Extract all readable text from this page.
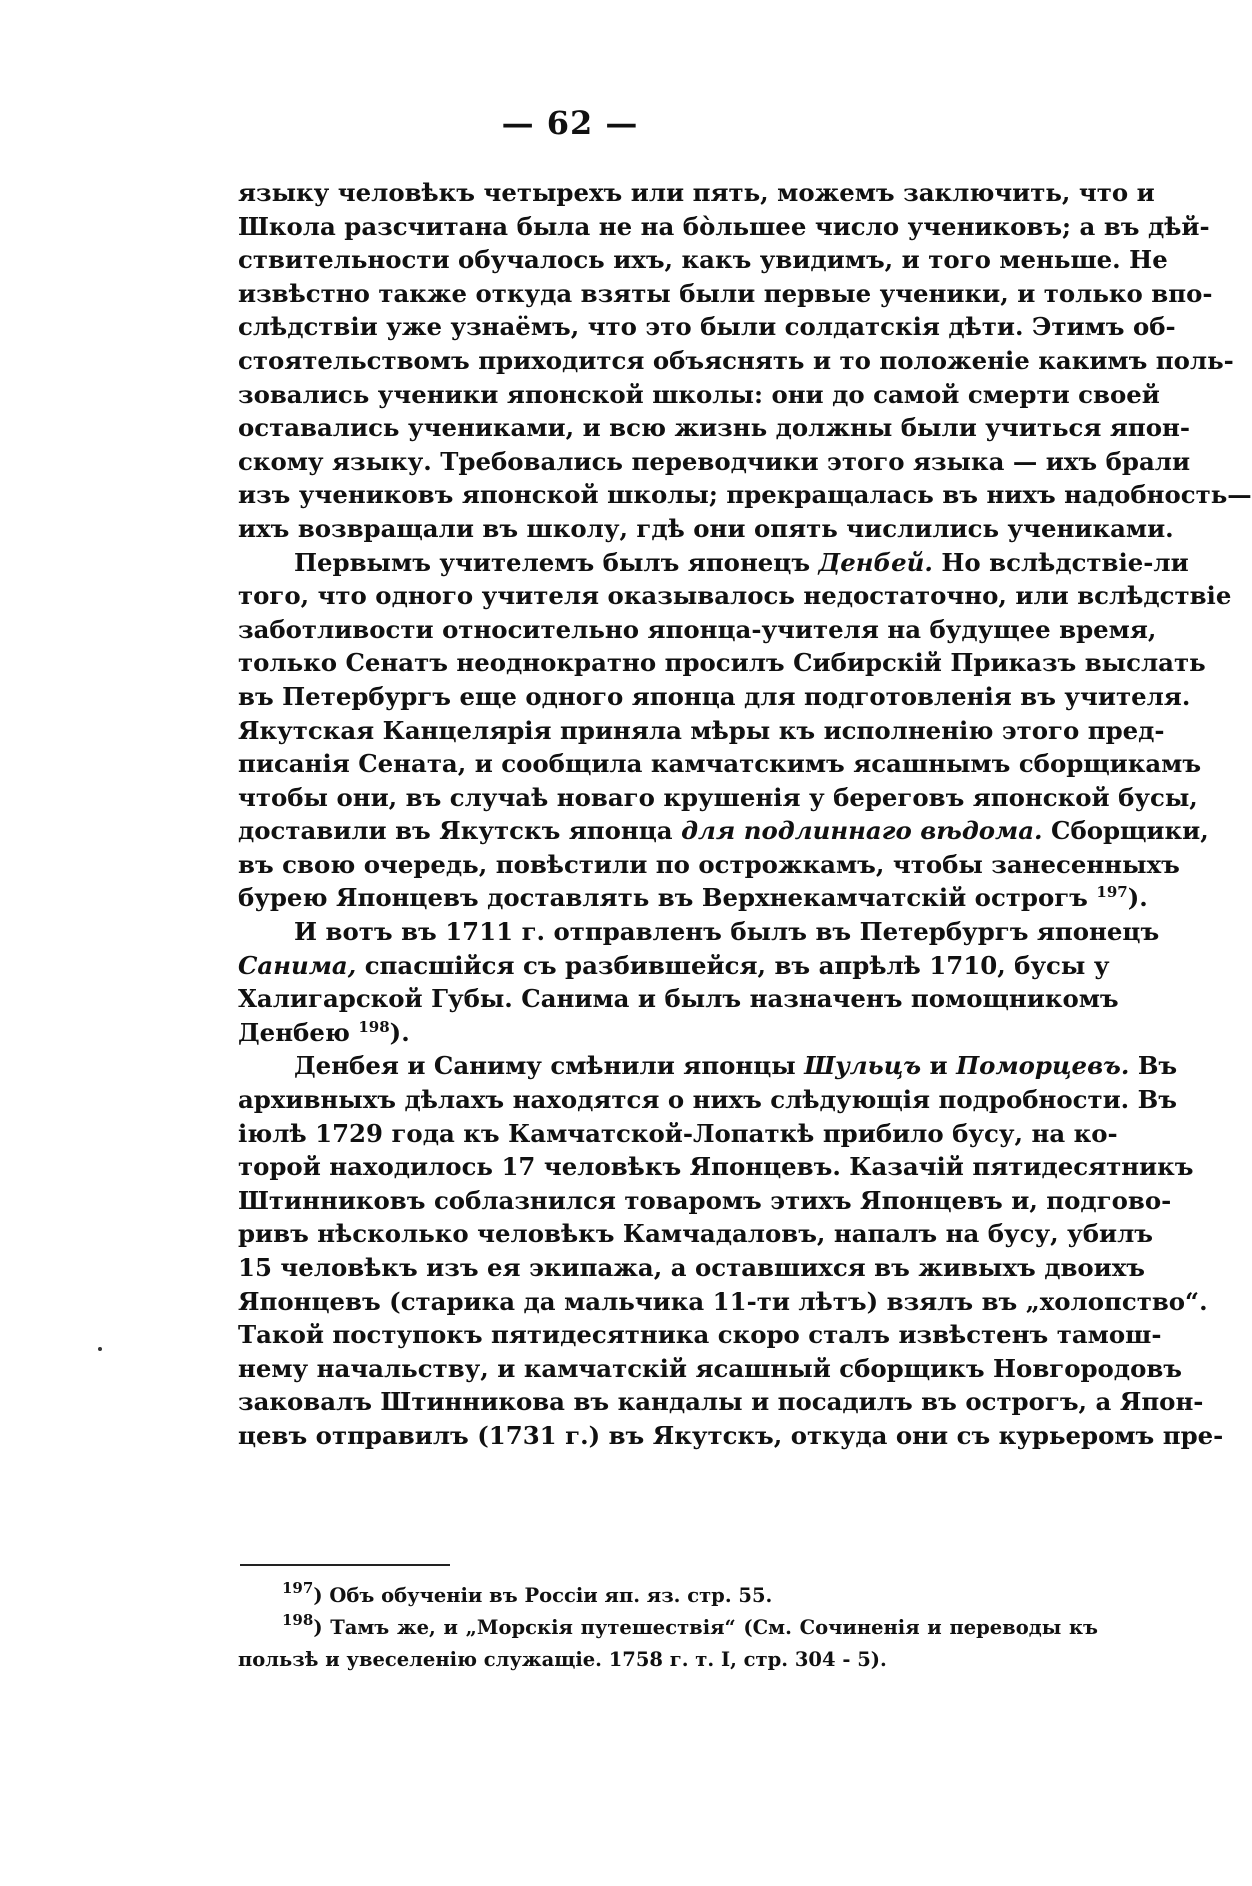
— 62 —
языку человѣкъ четырехъ или пять, можемъ заключить, что и
Школа разсчитана была не на бо̀льшее число учениковъ; а въ дѣй-
ствительности обучалось ихъ, какъ увидимъ, и того меньше. Не
извѣстно также откуда взяты были первые ученики, и только впо-
слѣдствіи уже узнаёмъ, что это были солдатскія дѣти. Этимъ об-
стоятельствомъ приходится объяснять и то положеніе какимъ поль-
зовались ученики японской школы: они до самой смерти своей
оставались учениками, и всю жизнь должны были учиться япон-
скому языку. Требовались переводчики этого языка — ихъ брали
изъ учениковъ японской школы; прекращалась въ нихъ надобность—
ихъ возвращали въ школу, гдѣ они опять числились учениками.
Первымъ учителемъ былъ японецъ Денбей. Но вслѣдствіе-ли
того, что одного учителя оказывалось недостаточно, или вслѣдствіе
заботливости относительно японца-учителя на будущее время,
только Сенатъ неоднократно просилъ Сибирскій Приказъ выслать
въ Петербургъ еще одного японца для подготовленія въ учителя.
Якутская Канцелярія приняла мѣры къ исполненію этого пред-
писанія Сената, и сообщила камчатскимъ ясашнымъ сборщикамъ
чтобы они, въ случаѣ новаго крушенія у береговъ японской бусы,
доставили въ Якутскъ японца для подлиннаго вѣдома. Сборщики,
въ свою очередь, повѣстили по острожкамъ, чтобы занесенныхъ
бурею Японцевъ доставлять въ Верхнекамчатскій острогъ $^{197}$).
И вотъ въ 1711 г. отправленъ былъ въ Петербургъ японецъ
Санима, спасшійся съ разбившейся, въ апрѣлѣ 1710, бусы у
Халигарской Губы. Санима и былъ назначенъ помощникомъ
Денбею $^{198}$).
Денбея и Саниму смѣнили японцы Шульцъ и Поморцевъ. Въ
архивныхъ дѣлахъ находятся о нихъ слѣдующія подробности. Въ
іюлѣ 1729 года къ Камчатской-Лопаткѣ прибило бусу, на ко-
торой находилось 17 человѣкъ Японцевъ. Казачій пятидесятникъ
Штинниковъ соблазнился товаромъ этихъ Японцевъ и, подгово-
ривъ нѣсколько человѣкъ Камчадаловъ, напалъ на бусу, убилъ
15 человѣкъ изъ ея экипажа, а оставшихся въ живыхъ двоихъ
Японцевъ (старика да мальчика 11-ти лѣтъ) взялъ въ „холопство“.
Такой поступокъ пятидесятника скоро сталъ извѣстенъ тамош-
нему начальству, и камчатскій ясашный сборщикъ Новгородовъ
заковалъ Штинникова въ кандалы и посадилъ въ острогъ, а Япон-
цевъ отправилъ (1731 г.) въ Якутскъ, откуда они съ курьеромъ пре-
$^{197}$) Объ обученіи въ Россіи яп. яз. стр. 55.
$^{198}$) Тамъ же, и „Морскія путешествія“ (См. Сочиненія и переводы къ
пользѣ и увеселенію служащіе. 1758 г. т. I, стр. 304 - 5).
